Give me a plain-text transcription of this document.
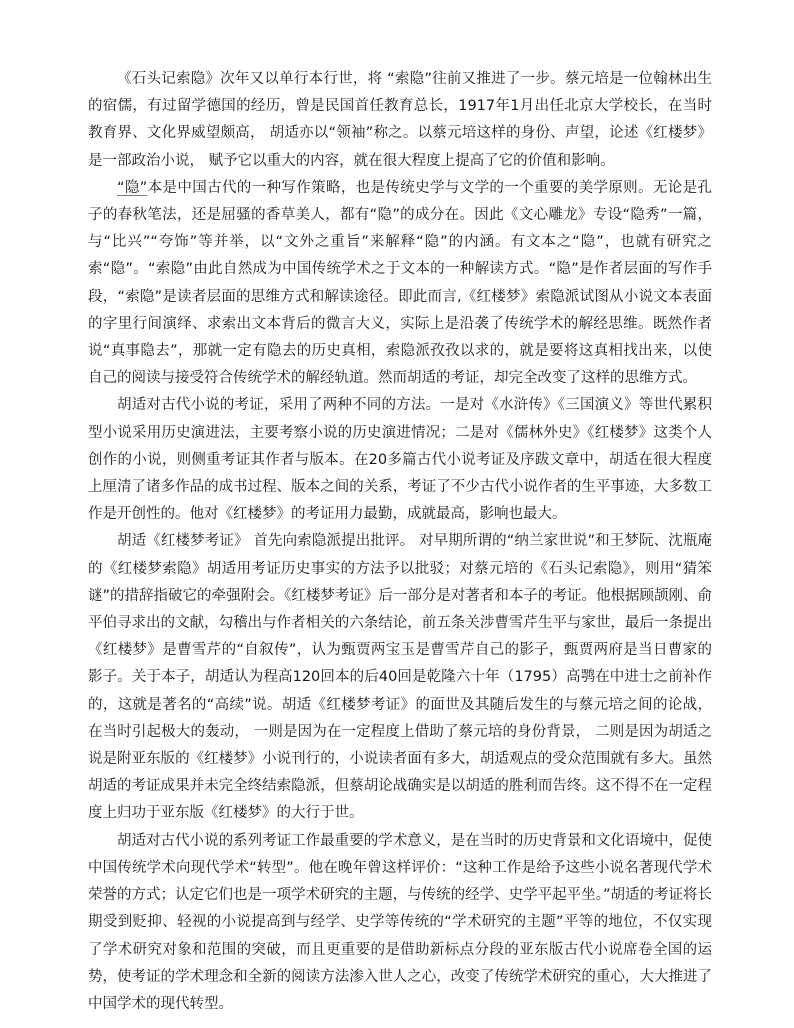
《石头记索隐》次年又以单行本行世，将 “索隐”往前又推进了一步。蔡元培是一位翰林出生的宿儒，有过留学德国的经历，曾是民国首任教育总长，1917年1月出任北京大学校长，在当时教育界、文化界威望颇高， 胡适亦以“领袖”称之。以蔡元培这样的身份、声望，论述《红楼梦》是一部政治小说， 赋予它以重大的内容，就在很大程度上提高了它的价值和影响。

“隐”本是中国古代的一种写作策略，也是传统史学与文学的一个重要的美学原则。无论是孔子的春秋笔法，还是屈骚的香草美人，都有“隐”的成分在。因此《文心雕龙》专设“隐秀”一篇，与“比兴”“夸饰”等并举，以“文外之重旨”来解释“隐”的内涵。有文本之“隐”，也就有研究之索“隐”。“索隐”由此自然成为中国传统学术之于文本的一种解读方式。“隐”是作者层面的写作手段，“索隐”是读者层面的思维方式和解读途径。即此而言,《红楼梦》索隐派试图从小说文本表面的字里行间演绎、求索出文本背后的微言大义，实际上是沿袭了传统学术的解经思维。既然作者说“真事隐去”，那就一定有隐去的历史真相，索隐派孜孜以求的，就是要将这真相找出来，以使自己的阅读与接受符合传统学术的解经轨道。然而胡适的考证，却完全改变了这样的思维方式。

胡适对古代小说的考证，采用了两种不同的方法。一是对《水浒传》《三国演义》等世代累积型小说采用历史演进法，主要考察小说的历史演进情况；二是对《儒林外史》《红楼梦》这类个人创作的小说，则侧重考证其作者与版本。在20多篇古代小说考证及序跋文章中，胡适在很大程度上厘清了诸多作品的成书过程、版本之间的关系，考证了不少古代小说作者的生平事迹，大多数工作是开创性的。他对《红楼梦》的考证用力最勤，成就最高，影响也最大。

胡适《红楼梦考证》 首先向索隐派提出批评。 对早期所谓的“纳兰家世说”和王梦阮、沈瓶庵的《红楼梦索隐》胡适用考证历史事实的方法予以批驳；对蔡元培的《石头记索隐》，则用“猜笨谜”的措辞指破它的牵强附会。《红楼梦考证》后一部分是对著者和本子的考证。他根据顾颉刚、俞平伯寻求出的文献，勾稽出与作者相关的六条结论，前五条关涉曹雪芹生平与家世，最后一条提出《红楼梦》是曹雪芹的“自叙传”，认为甄贾两宝玉是曹雪芹自己的影子，甄贾两府是当日曹家的影子。关于本子，胡适认为程高120回本的后40回是乾隆六十年（1795）高鹗在中进士之前补作的，这就是著名的“高续”说。胡适《红楼梦考证》的面世及其随后发生的与蔡元培之间的论战，在当时引起极大的轰动， 一则是因为在一定程度上借助了蔡元培的身份背景， 二则是因为胡适之说是附亚东版的《红楼梦》小说刊行的，小说读者面有多大，胡适观点的受众范围就有多大。虽然胡适的考证成果并未完全终结索隐派，但蔡胡论战确实是以胡适的胜利而告终。这不得不在一定程度上归功于亚东版《红楼梦》的大行于世。

胡适对古代小说的系列考证工作最重要的学术意义，是在当时的历史背景和文化语境中，促使中国传统学术向现代学术“转型”。他在晚年曾这样评价：“这种工作是给予这些小说名著现代学术荣誉的方式；认定它们也是一项学术研究的主题，与传统的经学、史学平起平坐。”胡适的考证将长期受到贬抑、轻视的小说提高到与经学、史学等传统的“学术研究的主题”平等的地位，不仅实现了学术研究对象和范围的突破，而且更重要的是借助新标点分段的亚东版古代小说席卷全国的运势，使考证的学术理念和全新的阅读方法渗入世人之心，改变了传统学术研究的重心，大大推进了中国学术的现代转型。
